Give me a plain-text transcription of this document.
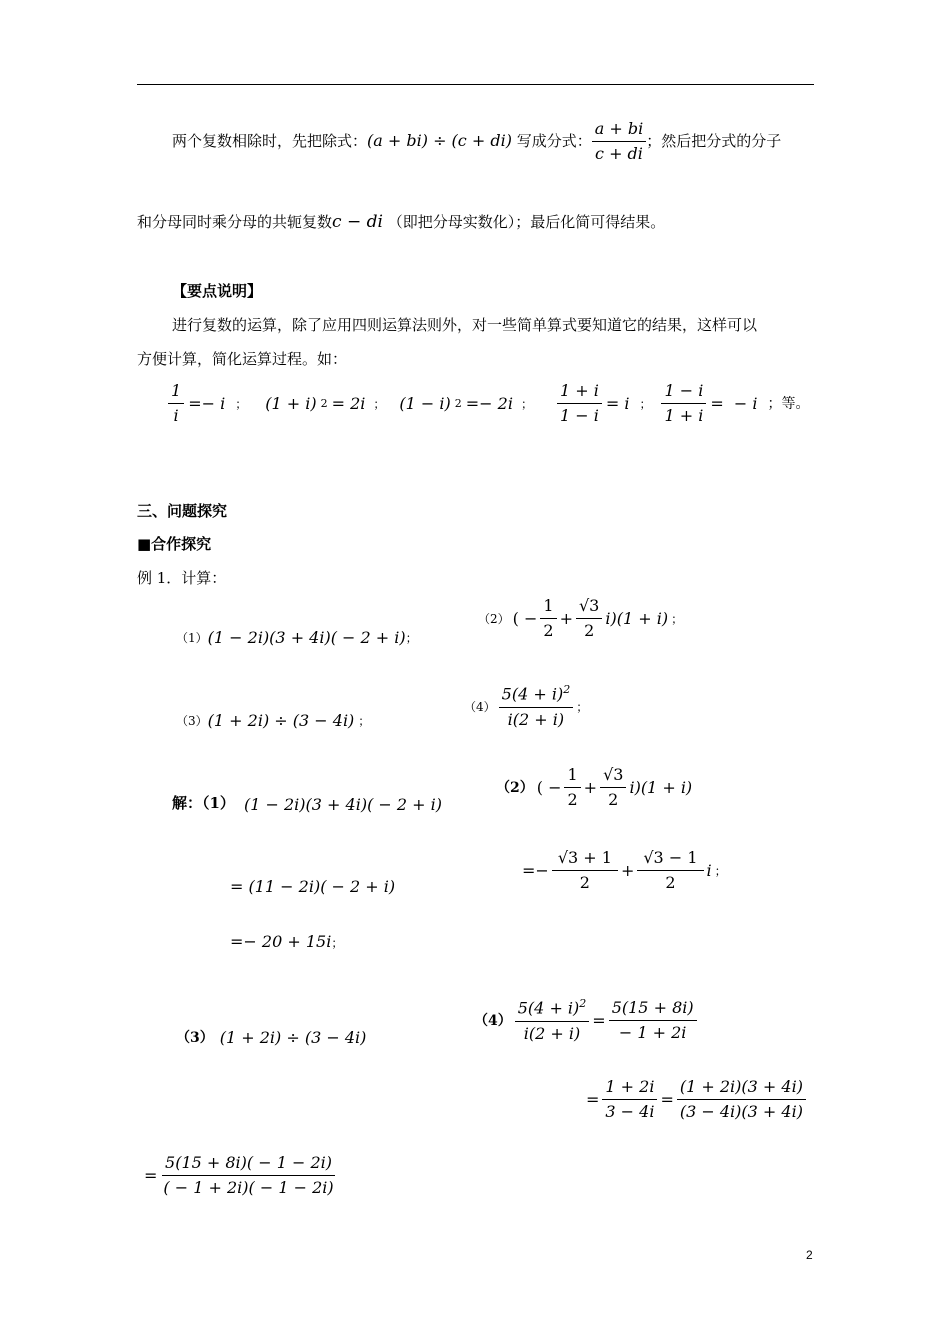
两个复数相除时，先把除式：(a + bi) ÷ (c + di) 写成分式： $\frac{a + bi}{c + di}$ ；然后把分式的分子
和分母同时乘分母的共轭复数c − di （即把分母实数化）；最后化简可得结果。
【要点说明】
进行复数的运算，除了应用四则运算法则外，对一些简单算式要知道它的结果，这样可以
方便计算，简化运算过程。如：
$\frac{1}{i} =- i$ ； (1 + i) 2 = 2i ； (1 − i) 2 =− 2i ； $\frac{1 + i}{1 - i} = i$ ； $\frac{1 - i}{1 + i}$ =  − i ；等。
三、问题探究
■合作探究
例 1．计算：
（1） (1 − 2i)(3 + 4i)( − 2 + i) ；
（2） ( − $\frac{1}{2} + \frac{√3}{2} i)(1 + i)$ ；
（3） (1 + 2i) ÷ (3 − 4i) ；
$(4) \frac{5(4 + i)^2}{i(2 + i)}$ ；
解：（1） (1 − 2i)(3 + 4i)( − 2 + i)
= (11 − 2i)( − 2 + i)
=− 20 + 15i；
（2） ( − $\frac{1}{2} + \frac{√3}{2} i)(1 + i)$
=− $\frac{√3 + 1}{2} + \frac{√3 - 1}{2}$ i ；
（3） (1 + 2i) ÷ (3 − 4i)
= $\frac{1 + 2i}{3 - 4i} = \frac{(1 + 2i)(3 + 4i)}{(3 - 4i)(3 + 4i)}$
$(4) \frac{5(4 + i)^2}{i(2 + i)} = \frac{5(15 + 8i)}{- 1 + 2i}$
= $\frac{5(15 + 8i)( - 1 - 2i)}{( - 1 + 2i)( - 1 - 2i)}$
2
